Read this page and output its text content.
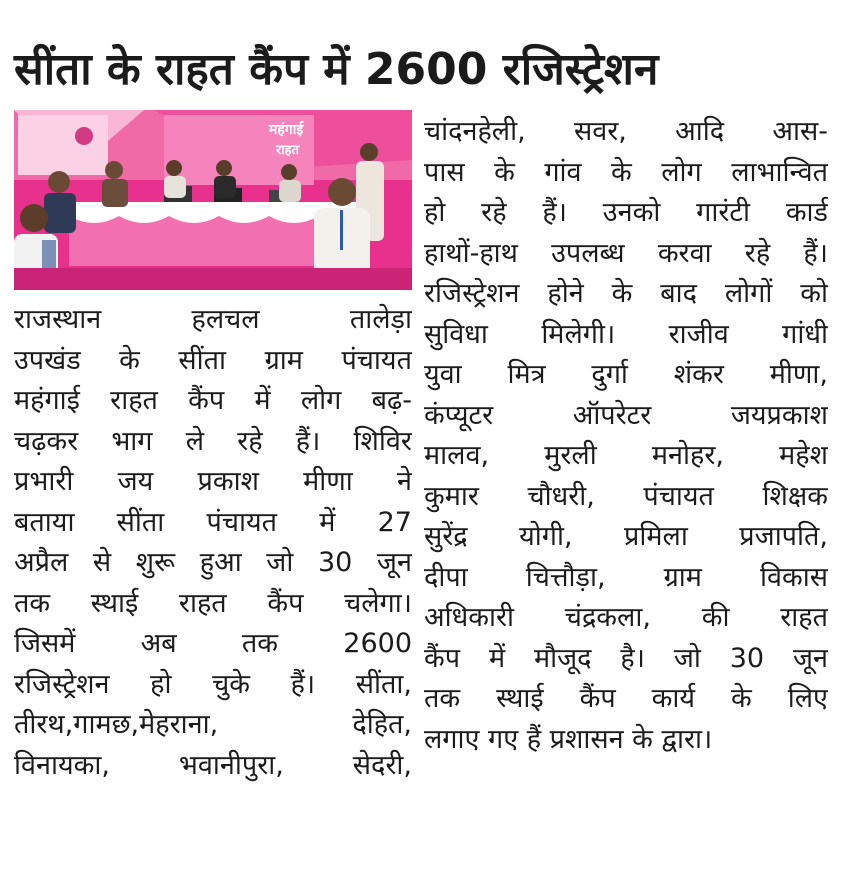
सींता के राहत कैंप में 2600 रजिस्ट्रेशन
महंगाई
राहत
राजस्थान	हलचल	तालेड़ा
उपखंड के सींता ग्राम पंचायत
महंगाई राहत कैंप में लोग बढ़-
चढ़कर भाग ले रहे हैं। शिविर
प्रभारी जय प्रकाश मीणा ने
बताया सींता पंचायत में 27
अप्रैल से शुरू हुआ जो 30 जून
तक स्थाई राहत कैंप चलेगा।
जिसमें अब तक 2600
रजिस्ट्रेशन हो चुके हैं। सींता,
तीरथ,गामछ,मेहराना,	देहित,
विनायका,	भवानीपुरा,	सेदरी,
चांदनहेली, सवर, आदि आस-
पास के गांव के लोग लाभान्वित
हो रहे हैं। उनको गारंटी कार्ड
हाथों-हाथ उपलब्ध करवा रहे हैं।
रजिस्ट्रेशन होने के बाद लोगों को
सुविधा मिलेगी। राजीव गांधी
युवा मित्र दुर्गा शंकर मीणा,
कंप्यूटर	ऑपरेटर	जयप्रकाश
मालव, मुरली मनोहर, महेश
कुमार चौधरी, पंचायत शिक्षक
सुरेंद्र योगी, प्रमिला प्रजापति,
दीपा चित्तौड़ा, ग्राम विकास
अधिकारी चंद्रकला, की राहत
कैंप में मौजूद है। जो 30 जून
तक स्थाई कैंप कार्य के लिए
लगाए गए हैं प्रशासन के द्वारा।
